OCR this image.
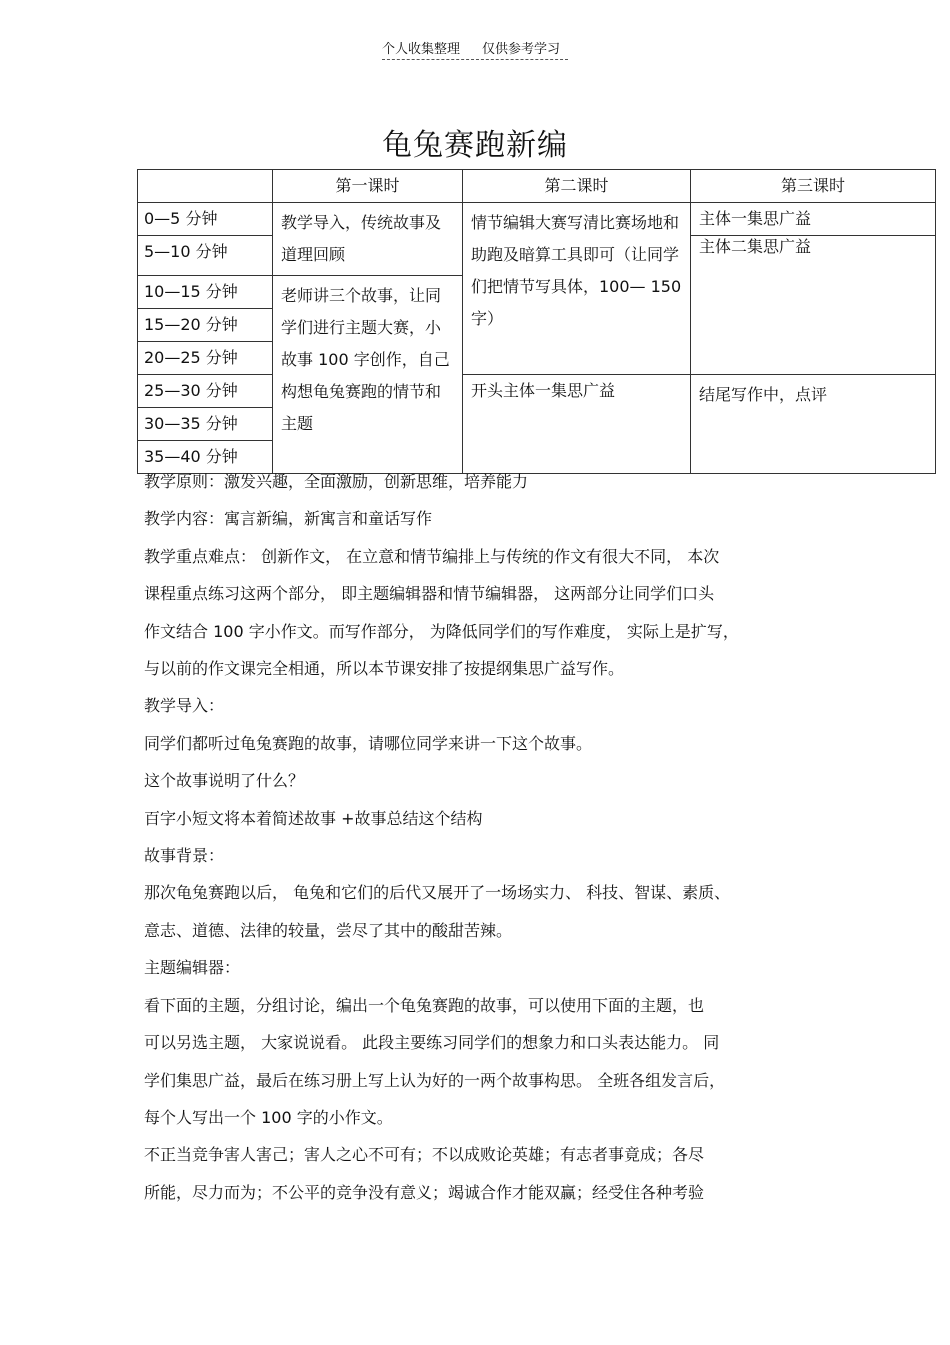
个人收集整理 仅供参考学习
龟兔赛跑新编
	第一课时	第二课时	第三课时
0—5 分钟	教学导入，传统故事及道理回顾	情节编辑大赛写清比赛场地和助跑及暗算工具即可（让同学们把情节写具体，100— 150 字）	主体一集思广益

5—10 分钟			主体二集思广益

10—15 分钟	老师讲三个故事，让同学们进行主题大赛，小故事 100 字创作，自己构想龟兔赛跑的情节和主题		

15—20 分钟			
20—25 分钟			
25—30 分钟		开头主体一集思广益	结尾写作中，点评

30—35 分钟			
35—40 分钟			

教学原则：激发兴趣，全面激励，创新思维，培养能力

教学内容：寓言新编，新寓言和童话写作

教学重点难点： 创新作文， 在立意和情节编排上与传统的作文有很大不同， 本次

课程重点练习这两个部分， 即主题编辑器和情节编辑器， 这两部分让同学们口头

作文结合 100 字小作文。而写作部分， 为降低同学们的写作难度， 实际上是扩写，

与以前的作文课完全相通，所以本节课安排了按提纲集思广益写作。

教学导入：

同学们都听过龟兔赛跑的故事，请哪位同学来讲一下这个故事。

这个故事说明了什么？

百字小短文将本着简述故事 +故事总结这个结构

故事背景：

那次龟兔赛跑以后， 龟兔和它们的后代又展开了一场场实力、 科技、智谋、素质、

意志、道德、法律的较量，尝尽了其中的酸甜苦辣。

主题编辑器：

看下面的主题，分组讨论，编出一个龟兔赛跑的故事，可以使用下面的主题，也

可以另选主题， 大家说说看。 此段主要练习同学们的想象力和口头表达能力。 同

学们集思广益，最后在练习册上写上认为好的一两个故事构思。 全班各组发言后，

每个人写出一个 100 字的小作文。

不正当竞争害人害己；害人之心不可有；不以成败论英雄；有志者事竟成；各尽

所能，尽力而为；不公平的竞争没有意义；竭诚合作才能双赢；经受住各种考验
